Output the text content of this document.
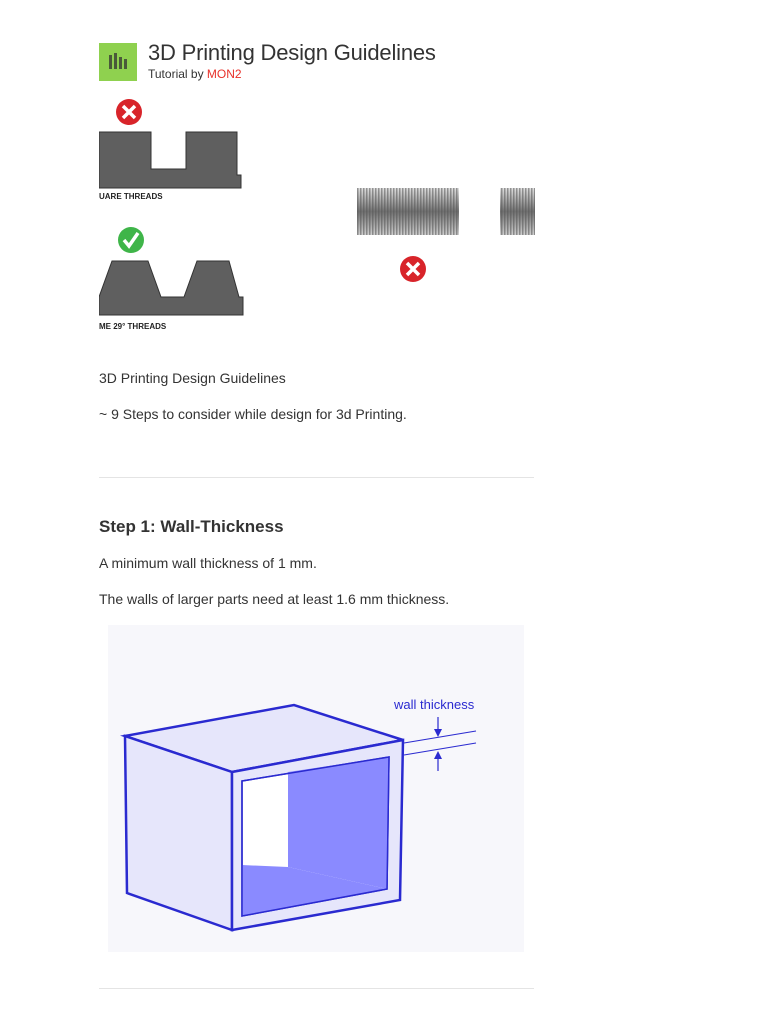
3D Printing Design Guidelines
Tutorial by MON2
UARE THREADS
ME 29° THREADS
3D Printing Design Guidelines
~ 9 Steps to consider while design for 3d Printing.
Step 1: Wall-Thickness
A minimum wall thickness of 1 mm.
The walls of larger parts need at least 1.6 mm thickness.
wall thickness
